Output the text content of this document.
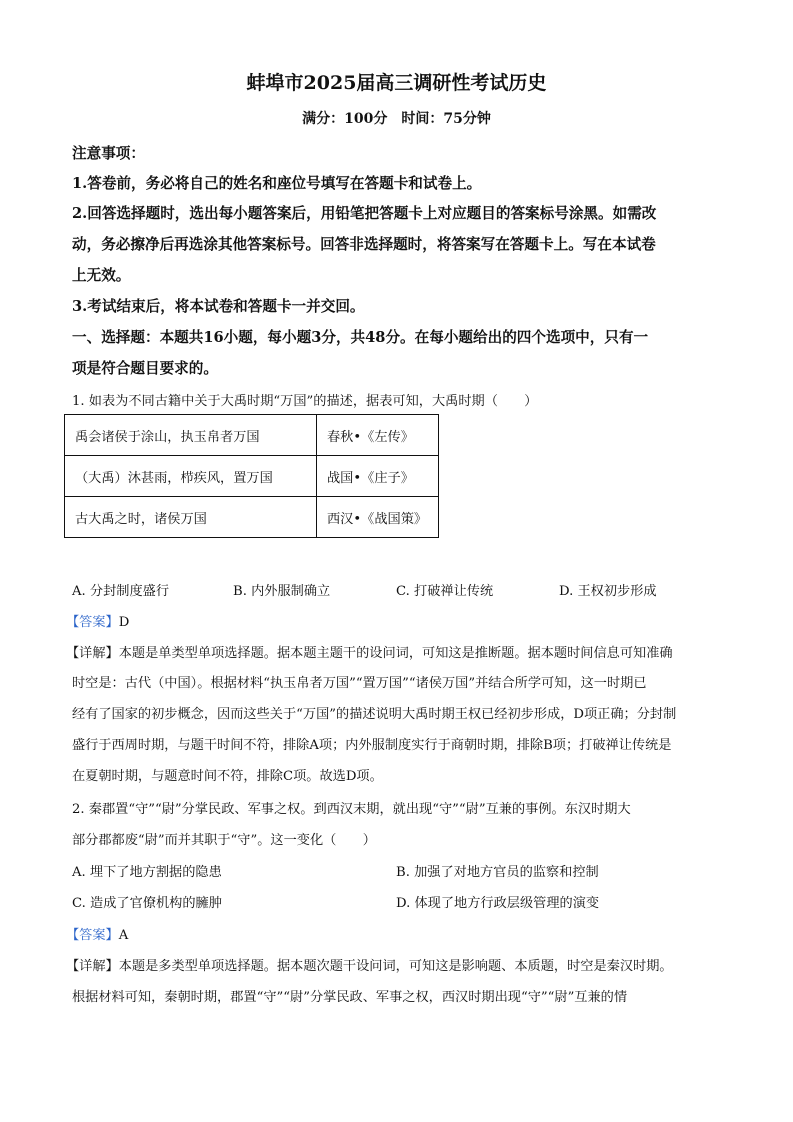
蚌埠市2025届高三调研性考试历史
满分：100分　时间：75分钟
注意事项：
1.答卷前，务必将自己的姓名和座位号填写在答题卡和试卷上。
2.回答选择题时，选出每小题答案后，用铅笔把答题卡上对应题目的答案标号涂黑。如需改
动，务必擦净后再选涂其他答案标号。回答非选择题时，将答案写在答题卡上。写在本试卷
上无效。
3.考试结束后，将本试卷和答题卡一并交回。
一、选择题：本题共16小题，每小题3分，共48分。在每小题给出的四个选项中，只有一
项是符合题目要求的。
1. 如表为不同古籍中关于大禹时期“万国”的描述，据表可知，大禹时期（　　）
禹会诸侯于涂山，执玉帛者万国	春秋•《左传》
（大禹）沐甚雨，栉疾风，置万国	战国•《庄子》
古大禹之时，诸侯万国	西汉•《战国策》
A. 分封制度盛行	B. 内外服制确立	C. 打破禅让传统	D. 王权初步形成
【答案】D
【详解】本题是单类型单项选择题。据本题主题干的设问词，可知这是推断题。据本题时间信息可知准确
时空是：古代（中国）。根据材料“执玉帛者万国”“置万国”“诸侯万国”并结合所学可知，这一时期已
经有了国家的初步概念，因而这些关于“万国”的描述说明大禹时期王权已经初步形成，D项正确；分封制
盛行于西周时期，与题干时间不符，排除A项；内外服制度实行于商朝时期，排除B项；打破禅让传统是
在夏朝时期，与题意时间不符，排除C项。故选D项。
2. 秦郡置“守”“尉”分掌民政、军事之权。到西汉末期，就出现“守”“尉”互兼的事例。东汉时期大
部分郡都废“尉”而并其职于“守”。这一变化（　　）
A. 埋下了地方割据的隐患	B. 加强了对地方官员的监察和控制
C. 造成了官僚机构的臃肿	D. 体现了地方行政层级管理的演变
【答案】A
【详解】本题是多类型单项选择题。据本题次题干设问词，可知这是影响题、本质题，时空是秦汉时期。
根据材料可知，秦朝时期，郡置“守”“尉”分掌民政、军事之权，西汉时期出现“守”“尉”互兼的情
